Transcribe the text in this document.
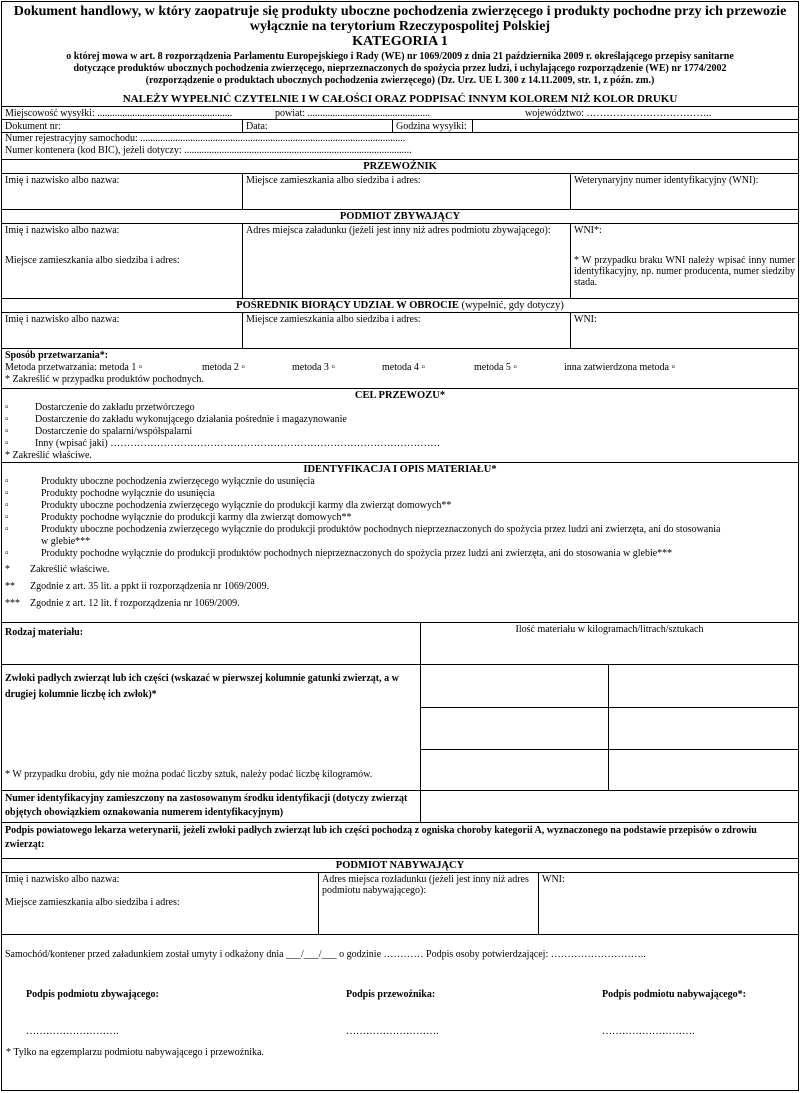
Dokument handlowy, w który zaopatruje się produkty uboczne pochodzenia zwierzęcego i produkty pochodne przy ich przewozie
wyłącznie na terytorium Rzeczypospolitej Polskiej
KATEGORIA 1
o której mowa w art. 8 rozporządzenia Parlamentu Europejskiego i Rady (WE) nr 1069/2009 z dnia 21 października 2009 r. określającego przepisy sanitarne
dotyczące produktów ubocznych pochodzenia zwierzęcego, nieprzeznaczonych do spożycia przez ludzi, i uchylającego rozporządzenie (WE) nr 1774/2002
(rozporządzenie o produktach ubocznych pochodzenia zwierzęcego) (Dz. Urz. UE L 300 z 14.11.2009, str. 1, z późn. zm.)
NALEŻY WYPEŁNIĆ CZYTELNIE I W CAŁOŚCI ORAZ PODPISAĆ INNYM KOLOREM NIŻ KOLOR DRUKU
Miejscowość wysyłki: ......................................................	powiat: .................................................	województwo: ………………………………..
Dokument nr:	Data:	Godzina wysyłki:
Numer rejestracyjny samochodu: ..........................................................................................................
Numer kontenera (kod BIC), jeżeli dotyczy: ...........................................................................................
PRZEWOŹNIK
Imię i nazwisko albo nazwa:	Miejsce zamieszkania albo siedziba i adres:	Weterynaryjny numer identyfikacyjny (WNI):
PODMIOT ZBYWAJĄCY
Imię i nazwisko albo nazwa:
Miejsce zamieszkania albo siedziba i adres:
Adres miejsca załadunku (jeżeli jest inny niż adres podmiotu zbywającego):	WNI*:
* W przypadku braku WNI należy wpisać inny numer identyfikacyjny, np. numer producenta, numer siedziby stada.
POŚREDNIK BIORĄCY UDZIAŁ W OBROCIE (wypełnić, gdy dotyczy)
Imię i nazwisko albo nazwa:	Miejsce zamieszkania albo siedziba i adres:	WNI:
Sposób przetwarzania*:
Metoda przetwarzania: metoda 1 ▫	metoda 2 ▫	metoda 3 ▫	metoda 4 ▫	metoda 5 ▫	inna zatwierdzona metoda ▫
* Zakreślić w przypadku produktów pochodnych.
CEL PRZEWOZU*
▫	Dostarczenie do zakładu przetwórczego
▫	Dostarczenie do zakładu wykonującego działania pośrednie i magazynowanie
▫	Dostarczenie do spalarni/współspalarni
▫	Inny (wpisać jaki) ………………………………………………………………………………………
* Zakreślić właściwe.
IDENTYFIKACJA I OPIS MATERIAŁU*
▫	Produkty uboczne pochodzenia zwierzęcego wyłącznie do usunięcia
▫	Produkty pochodne wyłącznie do usunięcia
▫	Produkty uboczne pochodzenia zwierzęcego wyłącznie do produkcji karmy dla zwierząt domowych**
▫	Produkty pochodne wyłącznie do produkcji karmy dla zwierząt domowych**
▫	Produkty uboczne pochodzenia zwierzęcego wyłącznie do produkcji produktów pochodnych nieprzeznaczonych do spożycia przez ludzi ani zwierzęta, ani do stosowania
w glebie***
▫	Produkty pochodne wyłącznie do produkcji produktów pochodnych nieprzeznaczonych do spożycia przez ludzi ani zwierzęta, ani do stosowania w glebie***
*	Zakreślić właściwe.
**	Zgodnie z art. 35 lit. a ppkt ii rozporządzenia nr 1069/2009.
***	Zgodnie z art. 12 lit. f rozporządzenia nr 1069/2009.
Rodzaj materiału:	Ilość materiału w kilogramach/litrach/sztukach
Zwłoki padłych zwierząt lub ich części (wskazać w pierwszej kolumnie gatunki zwierząt, a w drugiej kolumnie liczbę ich zwłok)*
* W przypadku drobiu, gdy nie można podać liczby sztuk, należy podać liczbę kilogramów.
Numer identyfikacyjny zamieszczony na zastosowanym środku identyfikacji (dotyczy zwierząt objętych obowiązkiem oznakowania numerem identyfikacyjnym)
Podpis powiatowego lekarza weterynarii, jeżeli zwłoki padłych zwierząt lub ich części pochodzą z ogniska choroby kategorii A, wyznaczonego na podstawie przepisów o zdrowiu zwierząt:
PODMIOT NABYWAJĄCY
Imię i nazwisko albo nazwa:
Miejsce zamieszkania albo siedziba i adres:
Adres miejsca rozładunku (jeżeli jest inny niż adres podmiotu nabywającego):
WNI:
Samochód/kontener przed załadunkiem został umyty i odkażony dnia ___/___/___ o godzinie ………… Podpis osoby potwierdzającej: ………………………..
Podpis podmiotu zbywającego:	Podpis przewoźnika:	Podpis podmiotu nabywającego*:
……………………….	……………………….	……………………….
* Tylko na egzemplarzu podmiotu nabywającego i przewoźnika.
